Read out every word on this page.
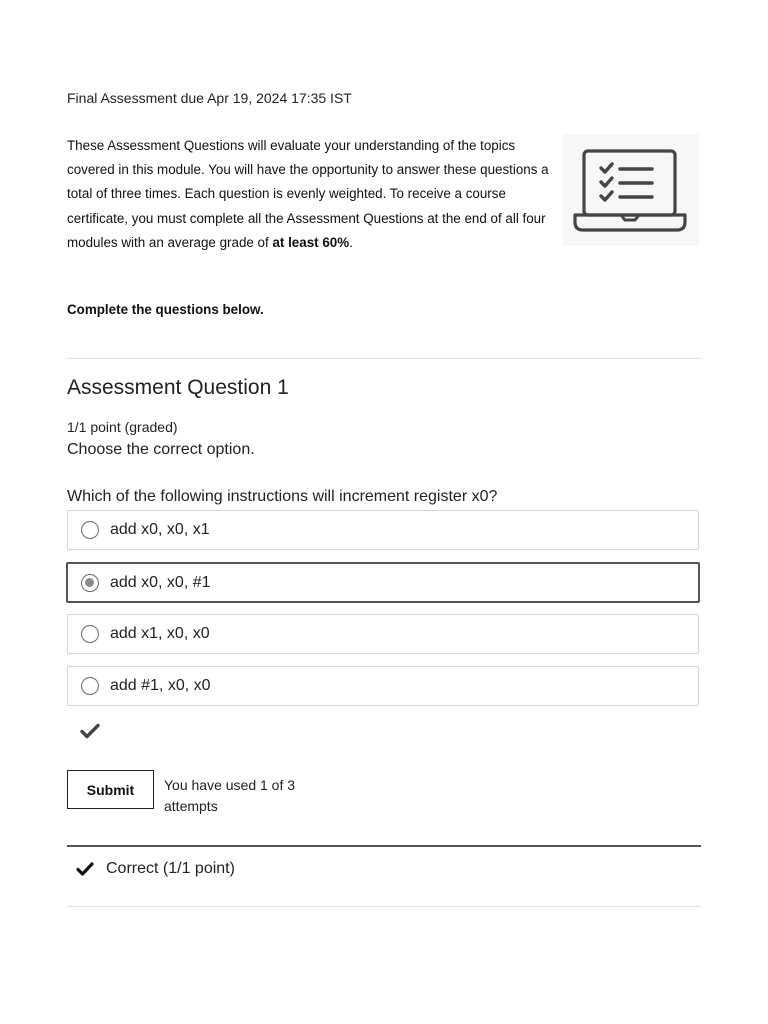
Final Assessment due Apr 19, 2024 17:35 IST
These Assessment Questions will evaluate your understanding of the topics covered in this module. You will have the opportunity to answer these questions a total of three times. Each question is evenly weighted. To receive a course certificate, you must complete all the Assessment Questions at the end of all four modules with an average grade of at least 60%.
Complete the questions below.
Assessment Question 1
1/1 point (graded)
Choose the correct option.
Which of the following instructions will increment register x0?
add x0, x0, x1
add x0, x0, #1
add x1, x0, x0
add #1, x0, x0
Submit	You have used 1 of 3 attempts
Correct (1/1 point)
